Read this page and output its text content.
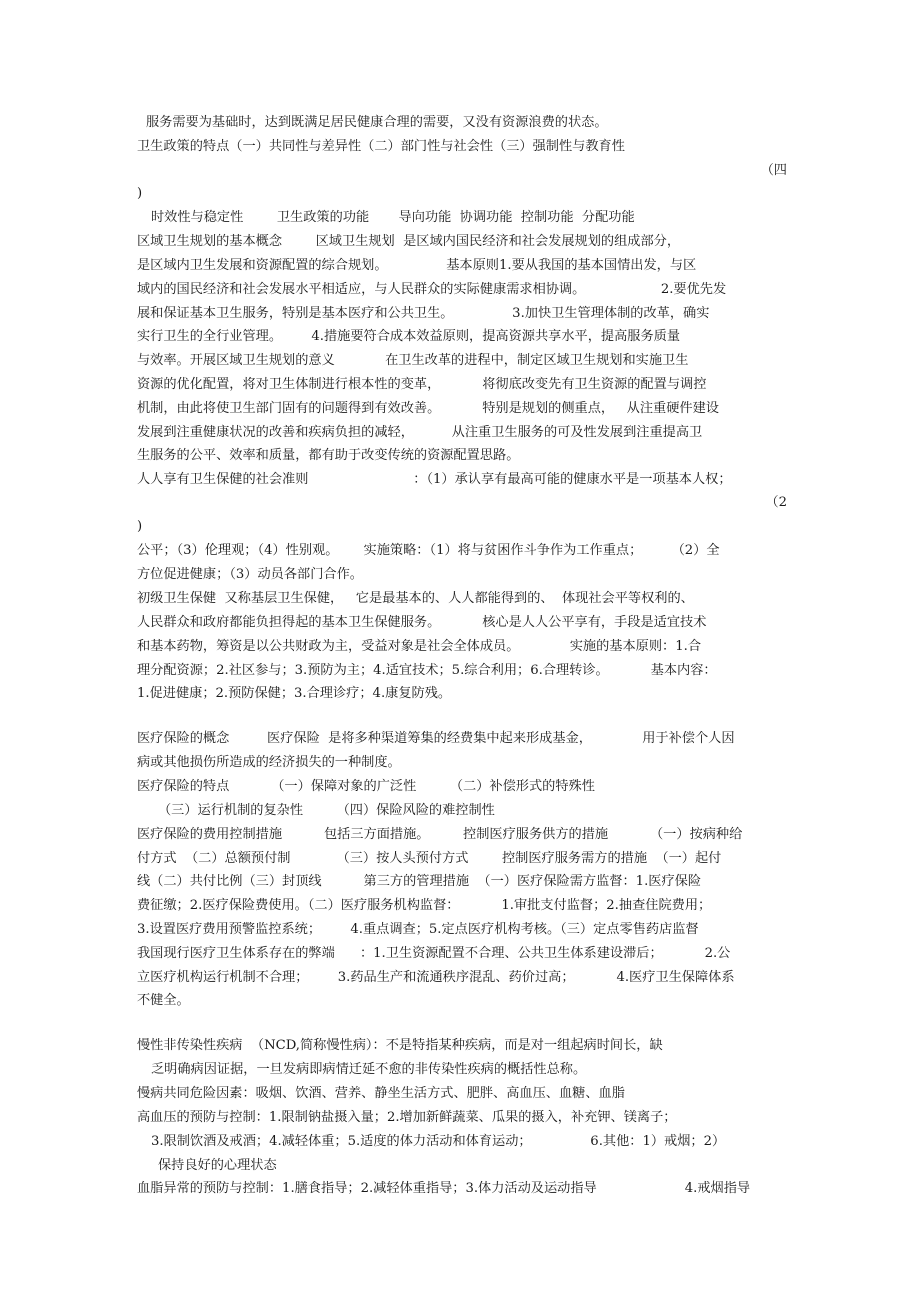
服务需要为基础时，达到既满足居民健康合理的需要，又没有资源浪费的状态。
卫生政策的特点（一）共同性与差异性（二）部门性与社会性（三）强制性与教育性
（四
)
时效性与稳定性        卫生政策的功能       导向功能  协调功能  控制功能  分配功能
区域卫生规划的基本概念        区域卫生规划  是区域内国民经济和社会发展规划的组成部分，
是区域内卫生发展和资源配置的综合规划。              基本原则1.要从我国的基本国情出发，与区
域内的国民经济和社会发展水平相适应，与人民群众的实际健康需求相协调。                  2.要优先发
展和保证基本卫生服务，特别是基本医疗和公共卫生。              3.加快卫生管理体制的改革，确实
实行卫生的全行业管理。       4.措施要符合成本效益原则，提高资源共享水平，提高服务质量
与效率。开展区域卫生规划的意义            在卫生改革的进程中，制定区域卫生规划和实施卫生
资源的优化配置，将对卫生体制进行根本性的变革，          将彻底改变先有卫生资源的配置与调控
机制，由此将使卫生部门固有的问题得到有效改善。          特别是规划的侧重点，   从注重硬件建设
发展到注重健康状况的改善和疾病负担的减轻，         从注重卫生服务的可及性发展到注重提高卫
生服务的公平、效率和质量，都有助于改变传统的资源配置思路。
人人享有卫生保健的社会准则                         ：（1）承认享有最高可能的健康水平是一项基本人权；
（2
)
公平；（3）伦理观；（4）性别观。      实施策略：（1）将与贫困作斗争作为工作重点；       （2）全
方位促进健康；（3）动员各部门合作。
初级卫生保健  又称基层卫生保健，   它是最基本的、人人都能得到的、  体现社会平等权利的、
人民群众和政府都能负担得起的基本卫生保健服务。          核心是人人公平享有，手段是适宜技术
和基本药物，筹资是以公共财政为主，受益对象是社会全体成员。            实施的基本原则：1.合
理分配资源；2.社区参与；3.预防为主；4.适宜技术；5.综合利用；6.合理转诊。          基本内容：
1.促进健康；2.预防保健；3.合理诊疗；4.康复防残。
医疗保险的概念         医疗保险  是将多种渠道筹集的经费集中起来形成基金，            用于补偿个人因
病或其他损伤所造成的经济损失的一种制度。
医疗保险的特点          （一）保障对象的广泛性        （二）补偿形式的特殊性
（三）运行机制的复杂性        （四）保险风险的难控制性
医疗保险的费用控制措施          包括三方面措施。        控制医疗服务供方的措施          （一）按病种给
付方式  （二）总额预付制           （三）按人头预付方式        控制医疗服务需方的措施  （一）起付
线（二）共付比例（三）封顶线          第三方的管理措施  （一）医疗保险需方监督：1.医疗保险
费征缴；2.医疗保险费使用。（二）医疗服务机构监督：          1.审批支付监督；2.抽查住院费用；
3.设置医疗费用预警监控系统；       4.重点调查；5.定点医疗机构考核。（三）定点零售药店监督
我国现行医疗卫生体系存在的弊端      ：1.卫生资源配置不合理、公共卫生体系建设滞后；          2.公
立医疗机构运行机制不合理；       3.药品生产和流通秩序混乱、药价过高；          4.医疗卫生保障体系
不健全。
慢性非传染性疾病  （NCD,简称慢性病）：不是特指某种疾病，而是对一组起病时间长，缺
乏明确病因证据，一旦发病即病情迁延不愈的非传染性疾病的概括性总称。
慢病共同危险因素：吸烟、饮酒、营养、静坐生活方式、肥胖、高血压、血糖、血脂
高血压的预防与控制：1.限制钠盐摄入量；2.增加新鲜蔬菜、瓜果的摄入，补充钾、镁离子；
3.限制饮酒及戒酒；4.减轻体重；5.适度的体力活动和体育运动；              6.其他：1）戒烟；2）
保持良好的心理状态
血脂异常的预防与控制：1.膳食指导；2.减轻体重指导；3.体力活动及运动指导                     4.戒烟指导
